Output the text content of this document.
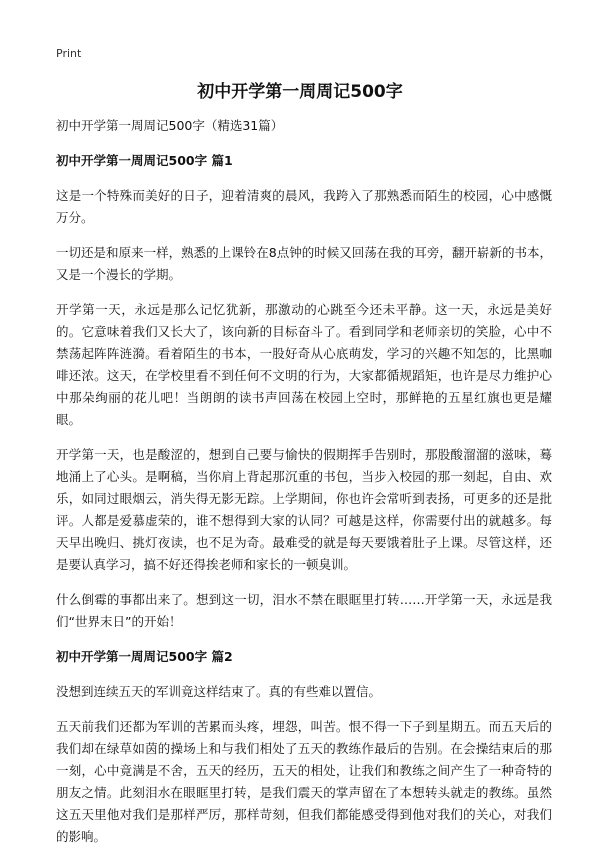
Print
初中开学第一周周记500字

初中开学第一周周记500字（精选31篇）

初中开学第一周周记500字 篇1

这是一个特殊而美好的日子，迎着清爽的晨风，我跨入了那熟悉而陌生的校园，心中感慨万分。

一切还是和原来一样，熟悉的上课铃在8点钟的时候又回荡在我的耳旁，翻开崭新的书本，又是一个漫长的学期。

开学第一天，永远是那么记忆犹新，那激动的心跳至今还未平静。这一天，永远是美好的。它意味着我们又长大了，该向新的目标奋斗了。看到同学和老师亲切的笑脸，心中不禁荡起阵阵涟漪。看着陌生的书本，一股好奇从心底萌发，学习的兴趣不知怎的，比黑咖啡还浓。这天，在学校里看不到任何不文明的行为，大家都循规蹈矩，也许是尽力维护心中那朵绚丽的花儿吧！当朗朗的读书声回荡在校园上空时，那鲜艳的五星红旗也更是耀眼。

开学第一天，也是酸涩的，想到自己要与愉快的假期挥手告别时，那股酸溜溜的滋味，蓦地涌上了心头。是啊稿，当你肩上背起那沉重的书包，当步入校园的那一刻起，自由、欢乐，如同过眼烟云，消失得无影无踪。上学期间，你也许会常听到表扬，可更多的还是批评。人都是爱慕虚荣的，谁不想得到大家的认同？可越是这样，你需要付出的就越多。每天早出晚归、挑灯夜读，也不足为奇。最难受的就是每天要饿着肚子上课。尽管这样，还是要认真学习，搞不好还得挨老师和家长的一顿臭训。

什么倒霉的事都出来了。想到这一切，泪水不禁在眼眶里打转……开学第一天，永远是我们“世界末日”的开始！

初中开学第一周周记500字 篇2

没想到连续五天的军训竟这样结束了。真的有些难以置信。

五天前我们还都为军训的苦累而头疼，埋怨，叫苦。恨不得一下子到星期五。而五天后的我们却在绿草如茵的操场上和与我们相处了五天的教练作最后的告别。在会操结束后的那一刻，心中竟满是不舍，五天的经历，五天的相处，让我们和教练之间产生了一种奇特的朋友之情。此刻泪水在眼眶里打转，是我们震天的掌声留在了本想转头就走的教练。虽然这五天里他对我们是那样严厉，那样苛刻，但我们都能感受得到他对我们的关心，对我们的影响。
